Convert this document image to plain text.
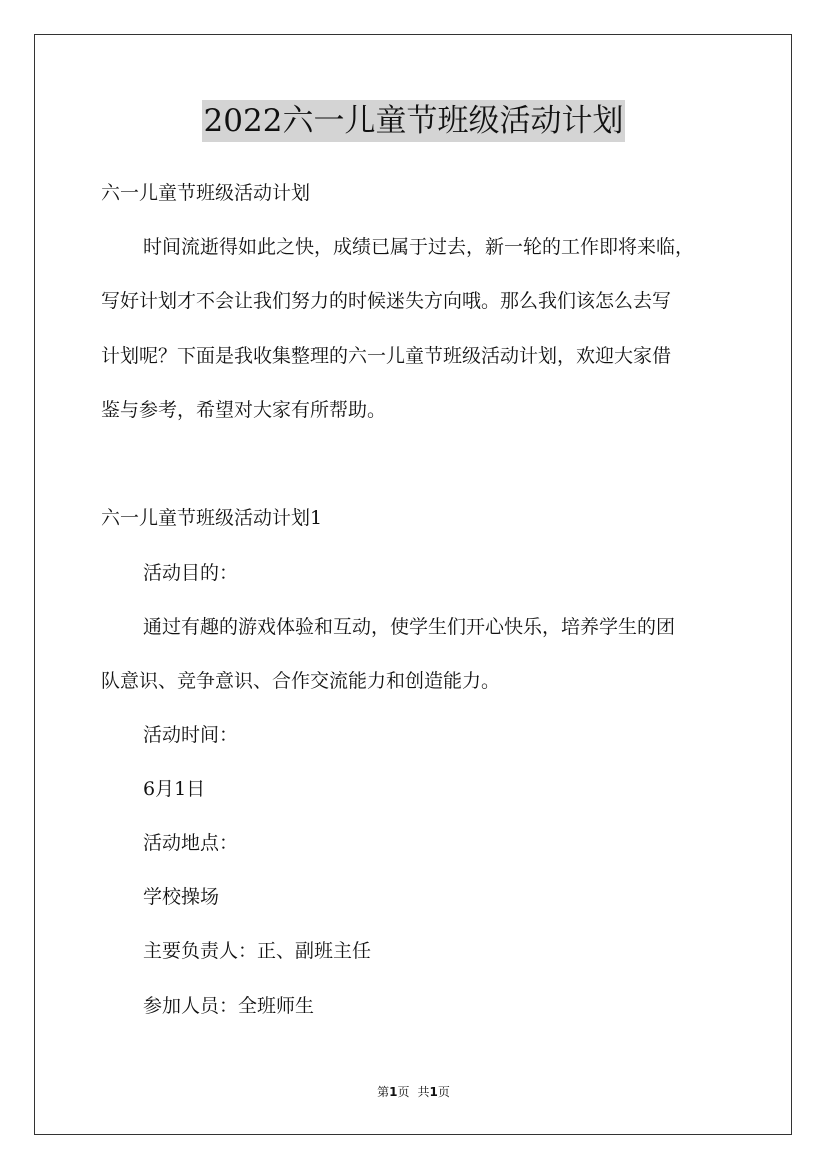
2022六一儿童节班级活动计划
六一儿童节班级活动计划
时间流逝得如此之快，成绩已属于过去，新一轮的工作即将来临，
写好计划才不会让我们努力的时候迷失方向哦。那么我们该怎么去写
计划呢？下面是我收集整理的六一儿童节班级活动计划，欢迎大家借
鉴与参考，希望对大家有所帮助。
六一儿童节班级活动计划1
活动目的：
通过有趣的游戏体验和互动，使学生们开心快乐，培养学生的团
队意识、竞争意识、合作交流能力和创造能力。
活动时间：
6月1日
活动地点：
学校操场
主要负责人：正、副班主任
参加人员：全班师生
第1页 共1页
